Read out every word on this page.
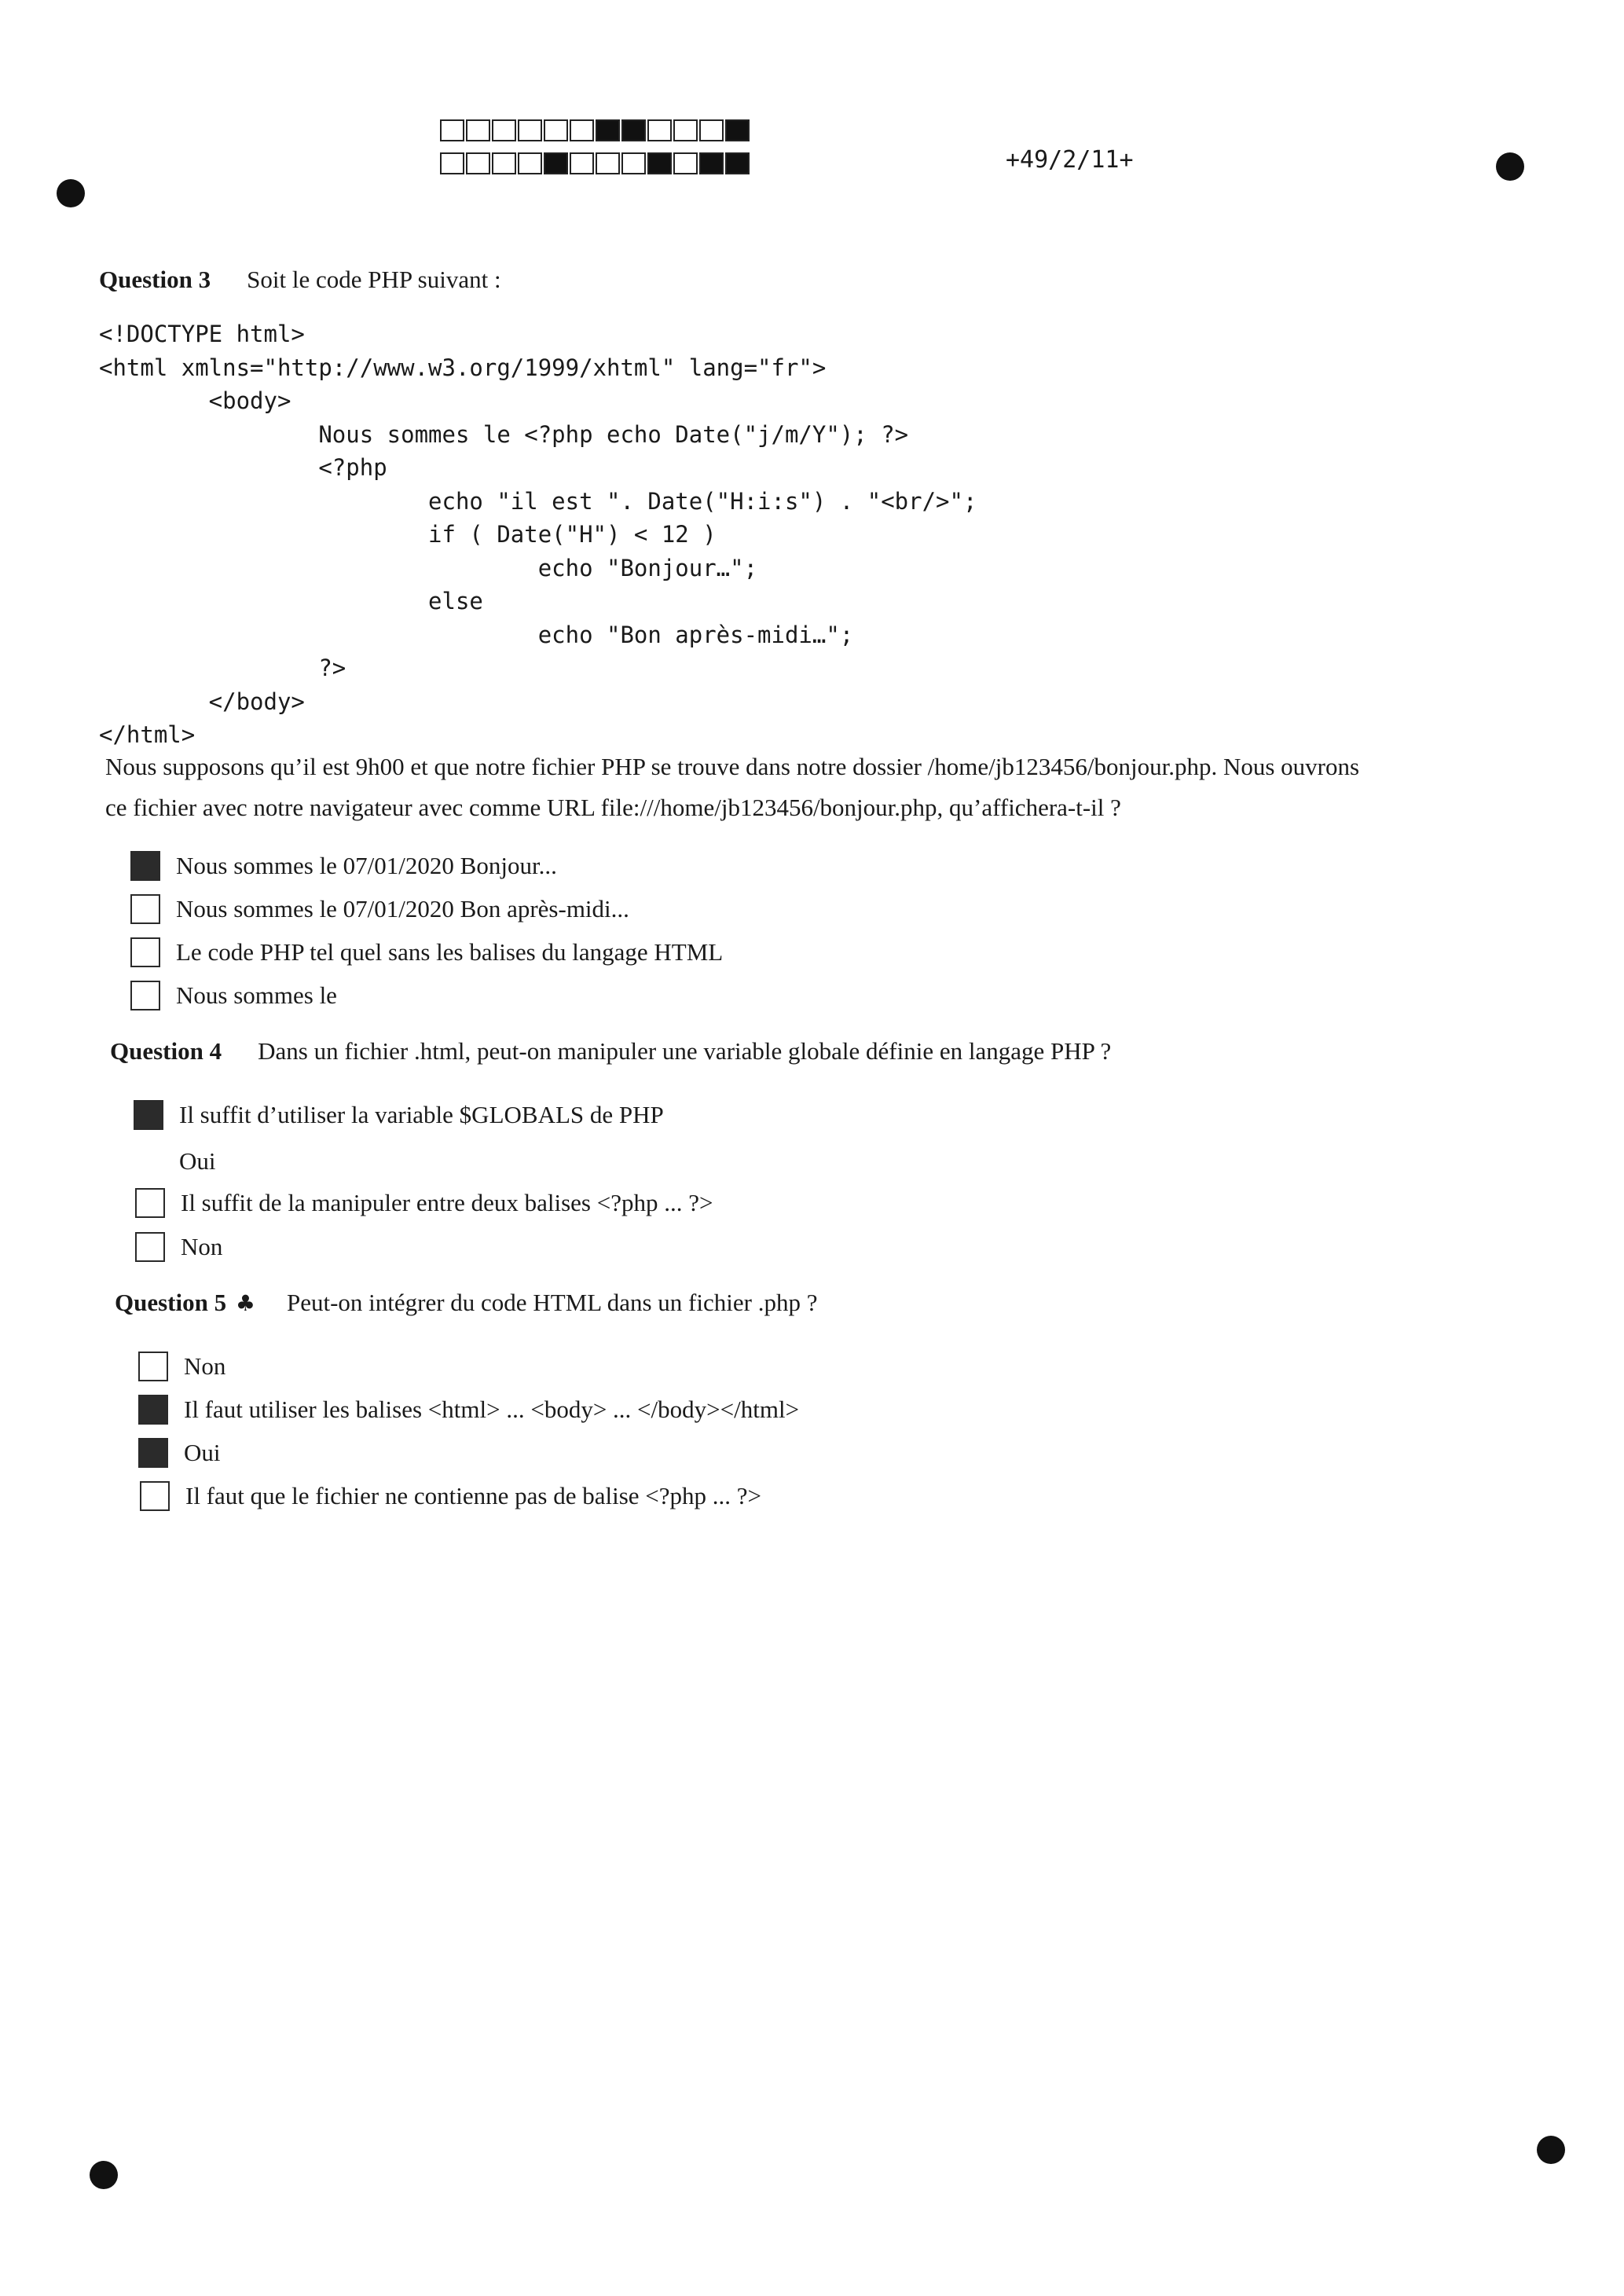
+49/2/11+
Question 3 Soit le code PHP suivant :
<!DOCTYPE html>
<html xmlns="http://www.w3.org/1999/xhtml" lang="fr">
<body>
Nous sommes le <?php echo Date("j/m/Y"); ?>
<?php
echo "il est ". Date("H:i:s") . "<br/>";
if ( Date("H") < 12 )
echo "Bonjour…";
else
echo "Bon après-midi…";
?>
</body>
</html>

Nous supposons qu’il est 9h00 et que notre fichier PHP se trouve dans notre dossier /home/jb123456/bonjour.php. Nous ouvrons
ce fichier avec notre navigateur avec comme URL file:///home/jb123456/bonjour.php, qu’affichera-t-il ?
Nous sommes le 07/01/2020 Bonjour...
Nous sommes le 07/01/2020 Bon après-midi...
Le code PHP tel quel sans les balises du langage HTML
Nous sommes le
Question 4 Dans un fichier .html, peut-on manipuler une variable globale définie en langage PHP ?
Il suffit d’utiliser la variable $GLOBALS de PHP
Oui
Il suffit de la manipuler entre deux balises <?php ... ?>
Non
Question 5 ♣ Peut-on intégrer du code HTML dans un fichier .php ?
Non
Il faut utiliser les balises <html> ... <body> ... </body></html>
Oui
Il faut que le fichier ne contienne pas de balise <?php ... ?>
